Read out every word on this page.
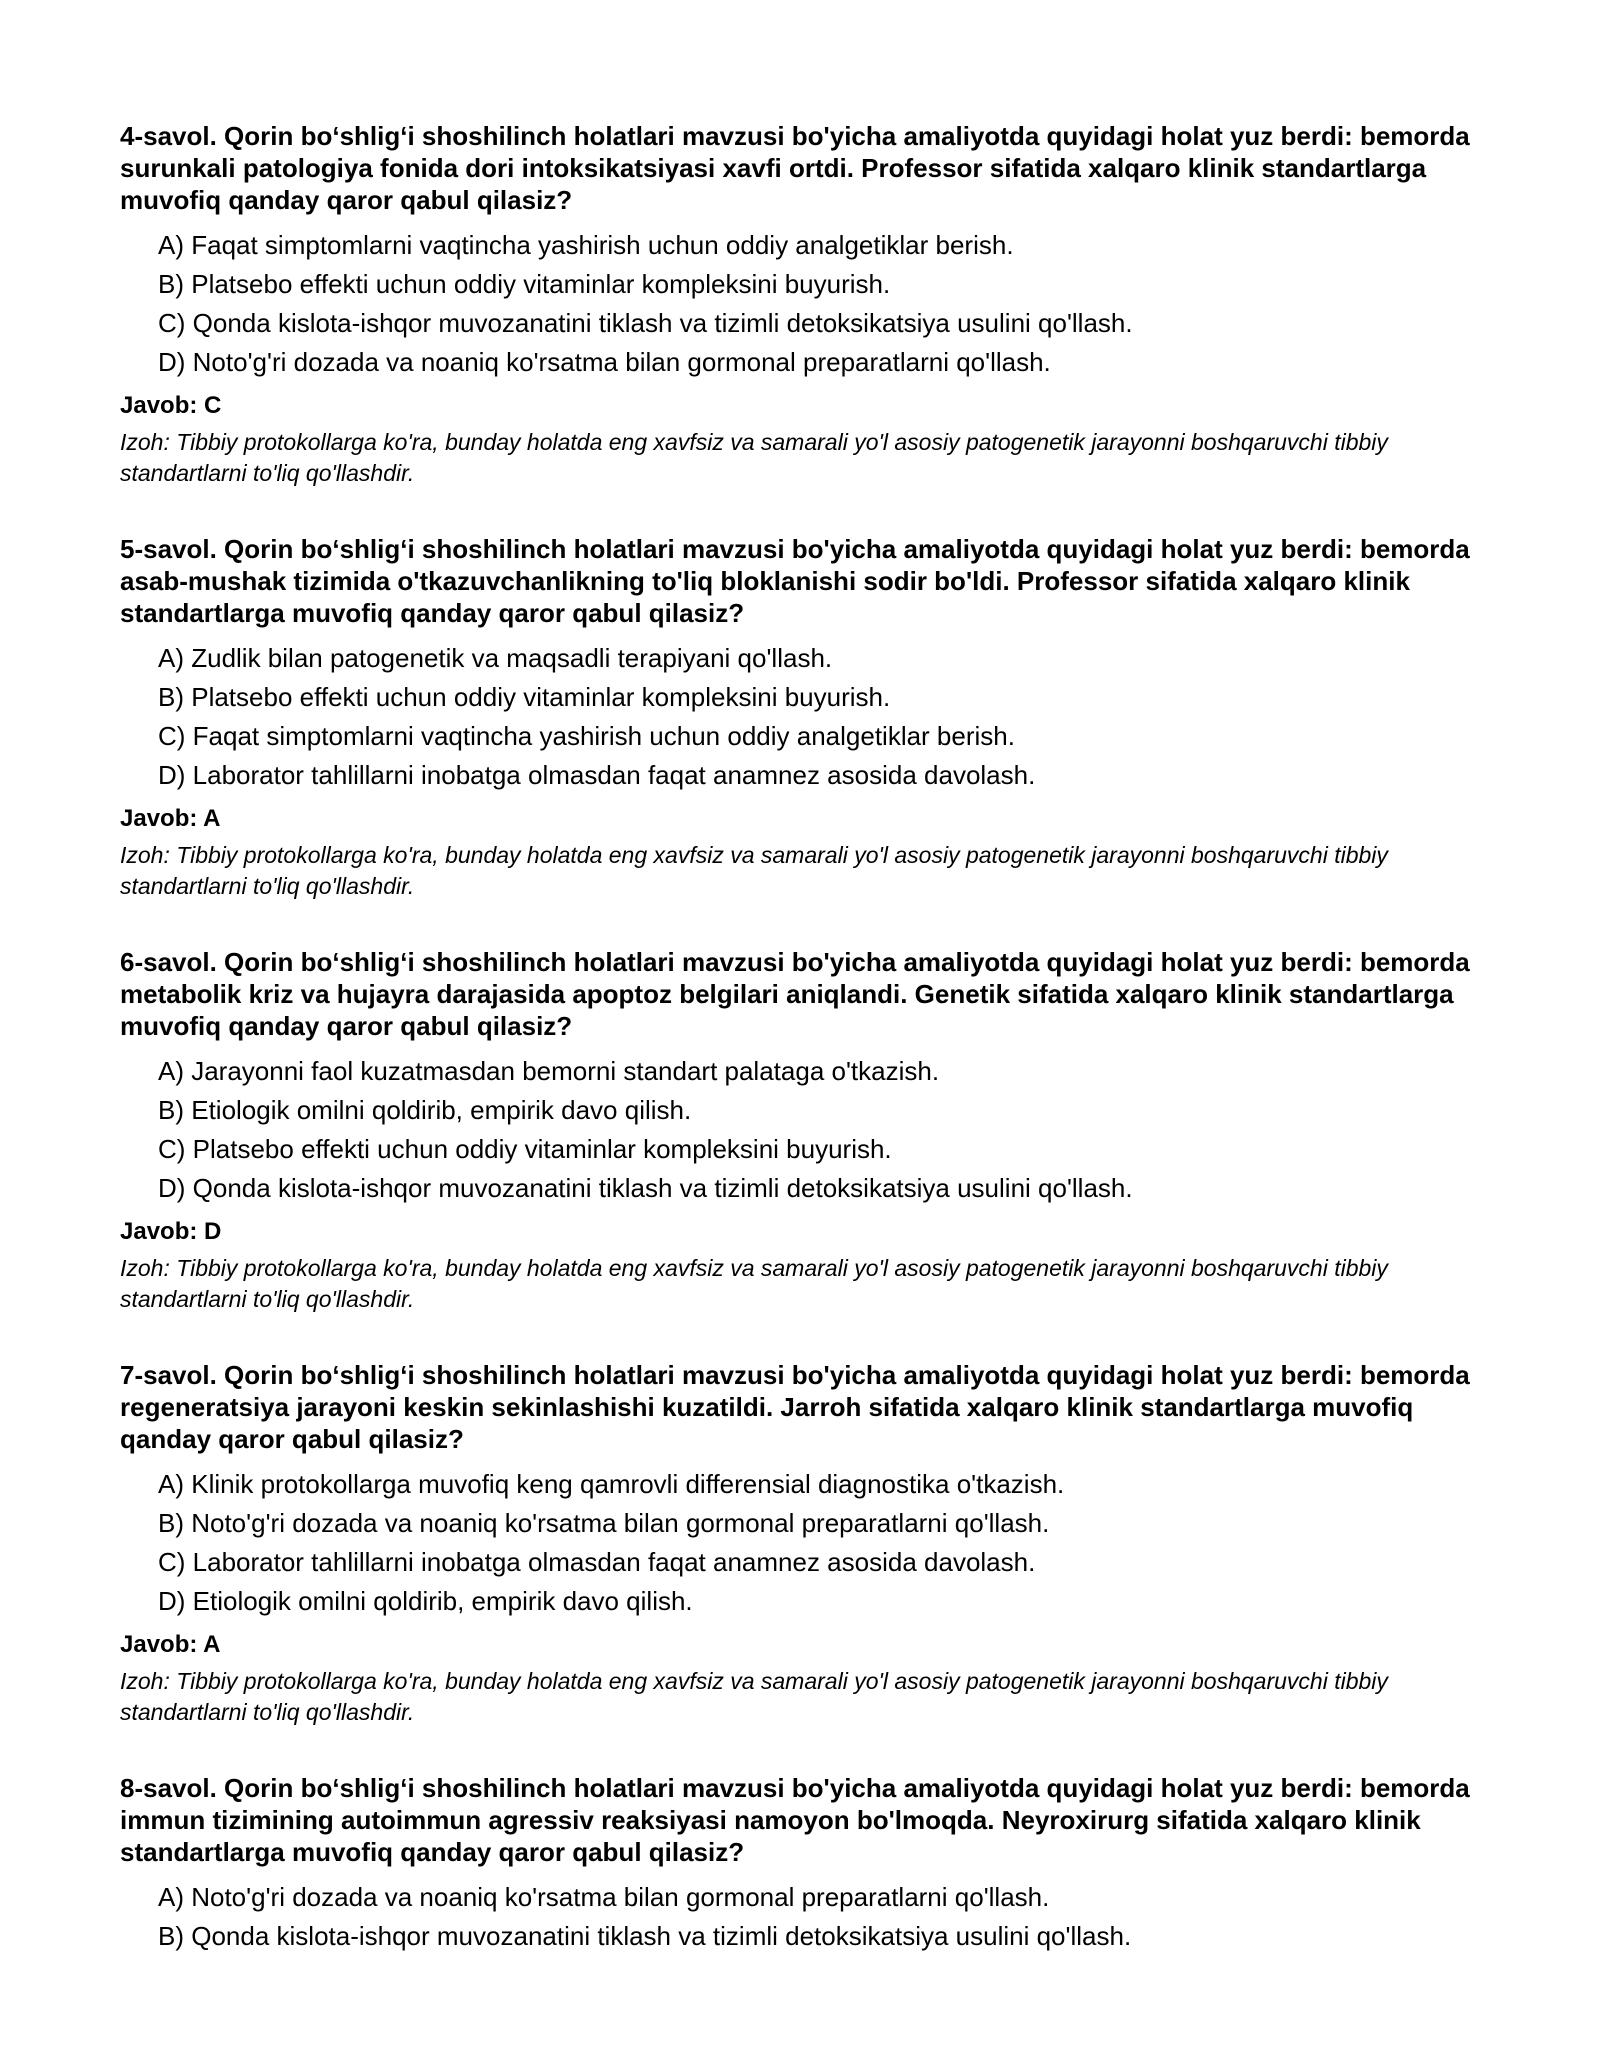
4-savol. Qorin bo‘shlig‘i shoshilinch holatlari mavzusi bo'yicha amaliyotda quyidagi holat yuz berdi: bemorda surunkali patologiya fonida dori intoksikatsiyasi xavfi ortdi. Professor sifatida xalqaro klinik standartlarga muvofiq qanday qaror qabul qilasiz?

A) Faqat simptomlarni vaqtincha yashirish uchun oddiy analgetiklar berish.
B) Platsebo effekti uchun oddiy vitaminlar kompleksini buyurish.
C) Qonda kislota-ishqor muvozanatini tiklash va tizimli detoksikatsiya usulini qo'llash.
D) Noto'g'ri dozada va noaniq ko'rsatma bilan gormonal preparatlarni qo'llash.

Javob: C

Izoh: Tibbiy protokollarga ko'ra, bunday holatda eng xavfsiz va samarali yo'l asosiy patogenetik jarayonni boshqaruvchi tibbiy standartlarni to'liq qo'llashdir.

5-savol. Qorin bo‘shlig‘i shoshilinch holatlari mavzusi bo'yicha amaliyotda quyidagi holat yuz berdi: bemorda asab-mushak tizimida o'tkazuvchanlikning to'liq bloklanishi sodir bo'ldi. Professor sifatida xalqaro klinik standartlarga muvofiq qanday qaror qabul qilasiz?

A) Zudlik bilan patogenetik va maqsadli terapiyani qo'llash.
B) Platsebo effekti uchun oddiy vitaminlar kompleksini buyurish.
C) Faqat simptomlarni vaqtincha yashirish uchun oddiy analgetiklar berish.
D) Laborator tahlillarni inobatga olmasdan faqat anamnez asosida davolash.

Javob: A

Izoh: Tibbiy protokollarga ko'ra, bunday holatda eng xavfsiz va samarali yo'l asosiy patogenetik jarayonni boshqaruvchi tibbiy standartlarni to'liq qo'llashdir.

6-savol. Qorin bo‘shlig‘i shoshilinch holatlari mavzusi bo'yicha amaliyotda quyidagi holat yuz berdi: bemorda metabolik kriz va hujayra darajasida apoptoz belgilari aniqlandi. Genetik sifatida xalqaro klinik standartlarga muvofiq qanday qaror qabul qilasiz?

A) Jarayonni faol kuzatmasdan bemorni standart palataga o'tkazish.
B) Etiologik omilni qoldirib, empirik davo qilish.
C) Platsebo effekti uchun oddiy vitaminlar kompleksini buyurish.
D) Qonda kislota-ishqor muvozanatini tiklash va tizimli detoksikatsiya usulini qo'llash.

Javob: D

Izoh: Tibbiy protokollarga ko'ra, bunday holatda eng xavfsiz va samarali yo'l asosiy patogenetik jarayonni boshqaruvchi tibbiy standartlarni to'liq qo'llashdir.

7-savol. Qorin bo‘shlig‘i shoshilinch holatlari mavzusi bo'yicha amaliyotda quyidagi holat yuz berdi: bemorda regeneratsiya jarayoni keskin sekinlashishi kuzatildi. Jarroh sifatida xalqaro klinik standartlarga muvofiq qanday qaror qabul qilasiz?

A) Klinik protokollarga muvofiq keng qamrovli differensial diagnostika o'tkazish.
B) Noto'g'ri dozada va noaniq ko'rsatma bilan gormonal preparatlarni qo'llash.
C) Laborator tahlillarni inobatga olmasdan faqat anamnez asosida davolash.
D) Etiologik omilni qoldirib, empirik davo qilish.

Javob: A

Izoh: Tibbiy protokollarga ko'ra, bunday holatda eng xavfsiz va samarali yo'l asosiy patogenetik jarayonni boshqaruvchi tibbiy standartlarni to'liq qo'llashdir.

8-savol. Qorin bo‘shlig‘i shoshilinch holatlari mavzusi bo'yicha amaliyotda quyidagi holat yuz berdi: bemorda immun tizimining autoimmun agressiv reaksiyasi namoyon bo'lmoqda. Neyroxirurg sifatida xalqaro klinik standartlarga muvofiq qanday qaror qabul qilasiz?

A) Noto'g'ri dozada va noaniq ko'rsatma bilan gormonal preparatlarni qo'llash.
B) Qonda kislota-ishqor muvozanatini tiklash va tizimli detoksikatsiya usulini qo'llash.
